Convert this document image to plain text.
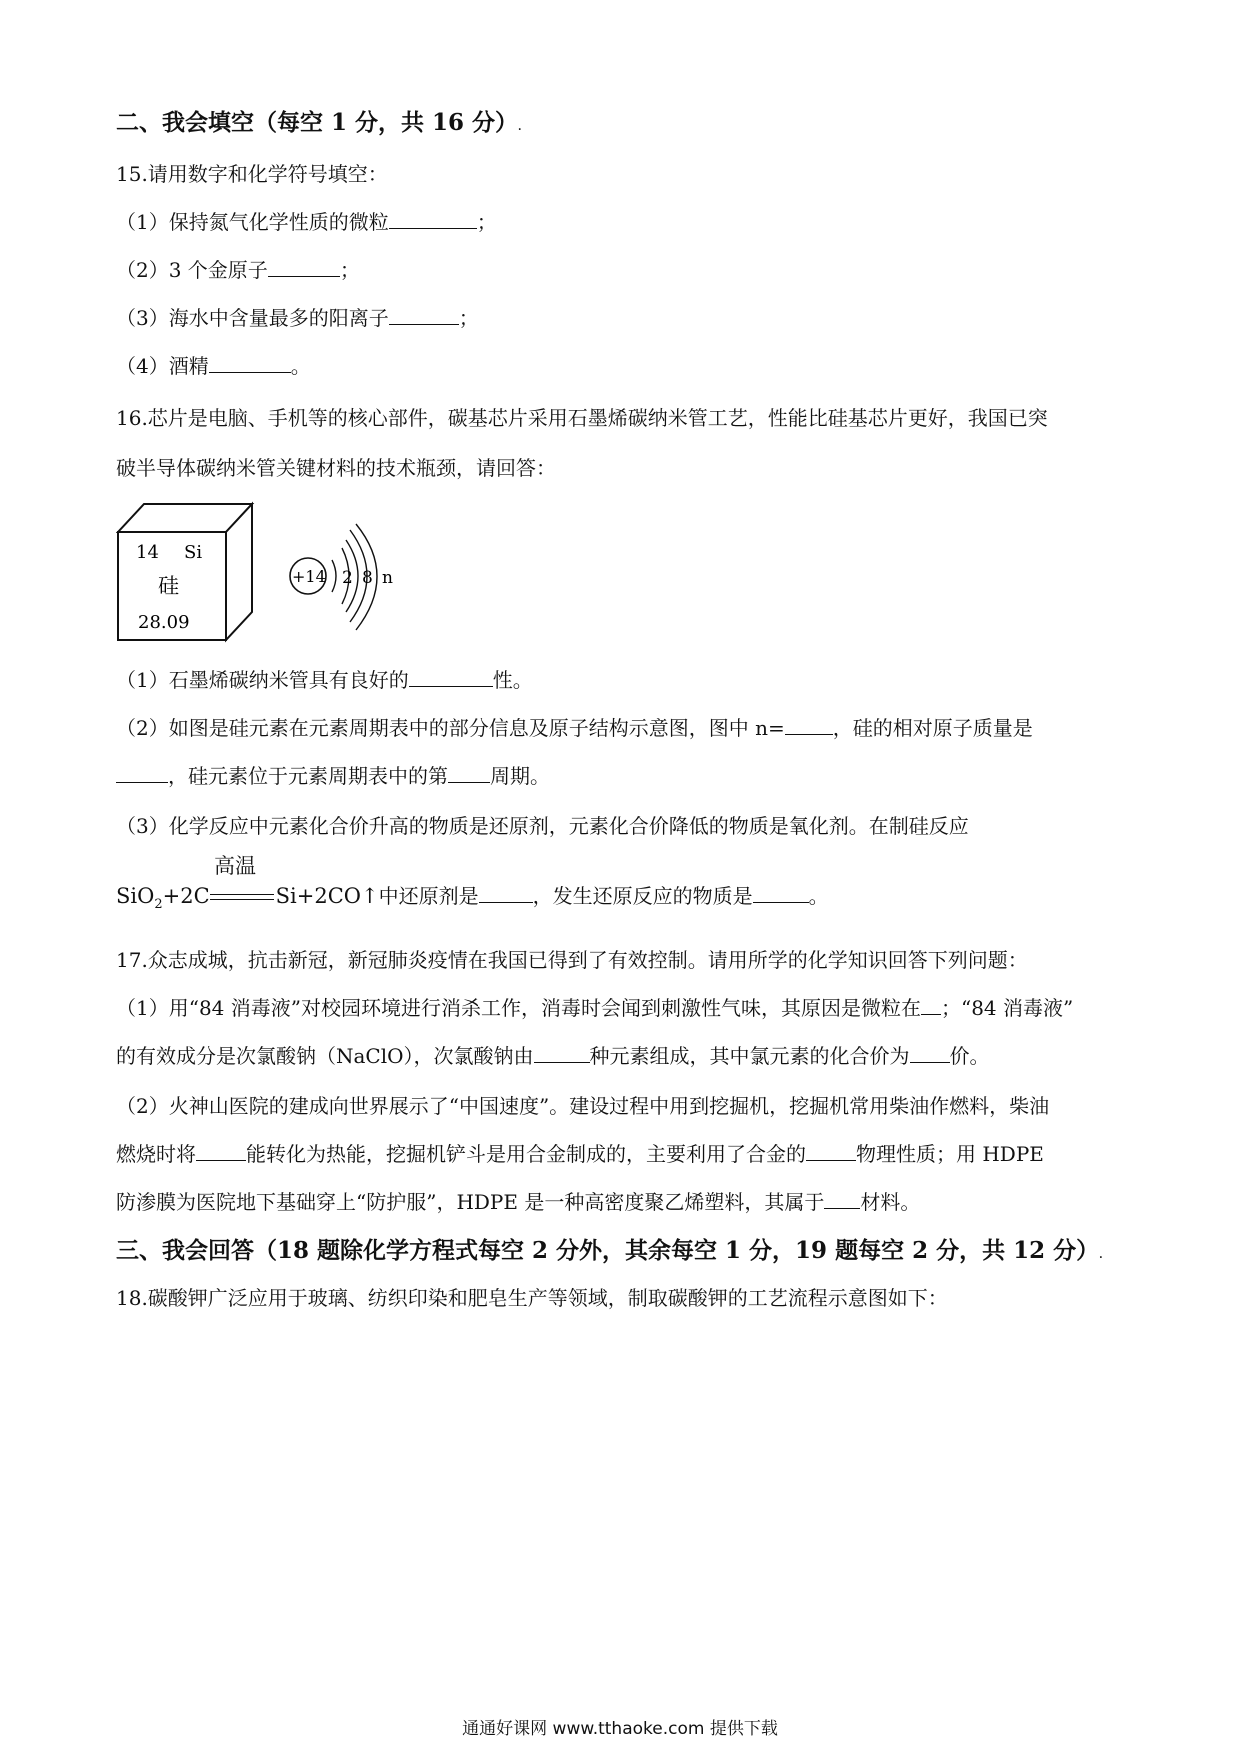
二、我会填空（每空 1 分，共 16 分）.
15.请用数字和化学符号填空：
（1）保持氮气化学性质的微粒	；
（2）3 个金原子	；
（3）海水中含量最多的阳离子	；
（4）酒精	。
16.芯片是电脑、手机等的核心部件，碳基芯片采用石墨烯碳纳米管工艺，性能比硅基芯片更好，我国已突
破半导体碳纳米管关键材料的技术瓶颈，请回答：
14 Si
硅
28.09
+14 2 8 n
（1）石墨烯碳纳米管具有良好的	性。
（2）如图是硅元素在元素周期表中的部分信息及原子结构示意图，图中 n= ，硅的相对原子质量是
，硅元素位于元素周期表中的第 周期。
（3）化学反应中元素化合价升高的物质是还原剂，元素化合价降低的物质是氧化剂。在制硅反应
高温
SiO$_2$+2C	Si+2CO↑中还原剂是	，发生还原反应的物质是	。
17.众志成城，抗击新冠，新冠肺炎疫情在我国已得到了有效控制。请用所学的化学知识回答下列问题：
（1）用“84 消毒液”对校园环境进行消杀工作，消毒时会闻到刺激性气味，其原因是微粒在 ；“84 消毒液”
的有效成分是次氯酸钠（NaClO），次氯酸钠由	种元素组成，其中氯元素的化合价为 价。
（2）火神山医院的建成向世界展示了“中国速度”。建设过程中用到挖掘机，挖掘机常用柴油作燃料，柴油
燃烧时将	能转化为热能，挖掘机铲斗是用合金制成的，主要利用了合金的	物理性质；用 HDPE
防渗膜为医院地下基础穿上“防护服”，HDPE 是一种高密度聚乙烯塑料，其属于 材料。
三、我会回答（18 题除化学方程式每空 2 分外，其余每空 1 分，19 题每空 2 分，共 12 分）.
18.碳酸钾广泛应用于玻璃、纺织印染和肥皂生产等领域，制取碳酸钾的工艺流程示意图如下：
通通好课网 www.tthaoke.com 提供下载
